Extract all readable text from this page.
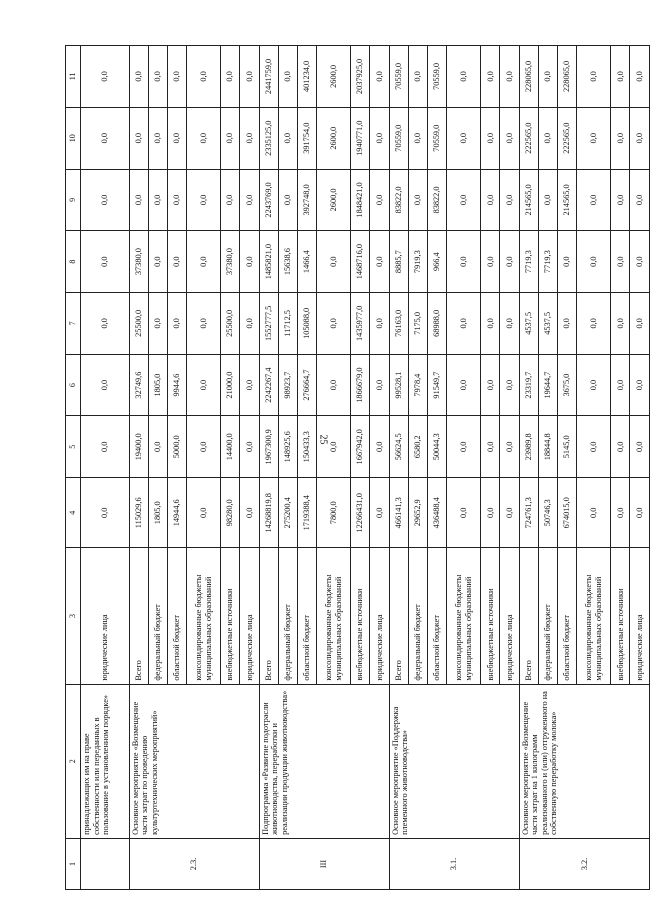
25
1	2	3	4	5	6	7	8	9	10	11
	принадлежащих им на праве собственности или переданных в пользование в установленном порядке»	юридические лица	0,0	0,0	0,0	0,0	0,0	0,0	0,0	0,0
2.3.	Основное мероприятие «Возмещение части затрат по проведению культуртехнических мероприятий»	Всего	115029,6	19400,0	32749,6	25500,0	37380,0	0,0	0,0	0,0
		федеральный бюджет	1805,0	0,0	1805,0	0,0	0,0	0,0	0,0	0,0
		областной бюджет	14944,6	5000,0	9944,6	0,0	0,0	0,0	0,0	0,0
		консолидированные бюджеты муниципальных образований	0,0	0,0	0,0	0,0	0,0	0,0	0,0	0,0
		внебюджетные источники	98280,0	14400,0	21000,0	25500,0	37380,0	0,0	0,0	0,0
		юридические лица	0,0	0,0	0,0	0,0	0,0	0,0	0,0	0,0
III	Подпрограмма «Развитие подотрасли животноводства, переработки и реализации продукции животноводства»	Всего	14268819,8	1967300,9	2242267,4	1552777,5	1485821,0	2243769,0	2335125,0	2441759,0
		федеральный бюджет	275200,4	148925,6	98923,7	11712,5	15638,6	0,0	0,0	0,0
		областной бюджет	1719388,4	150433,3	276664,7	105088,0	1466,4	392748,0	391754,0	401234,0
		консолидированные бюджеты муниципальных образований	7800,0	0,0	0,0	0,0	0,0	2600,0	2600,0	2600,0
		внебюджетные источники	12266431,0	1667942,0	1866679,0	1435977,0	1468716,0	1848421,0	1940771,0	2037925,0
		юридические лица	0,0	0,0	0,0	0,0	0,0	0,0	0,0	0,0
3.1.	Основное мероприятие «Поддержка племенного животноводства»	Всего	466141,3	56624,5	99528,1	76163,0	8885,7	83822,0	70559,0	70559,0
		федеральный бюджет	29652,9	6580,2	7978,4	7175,0	7919,3	0,0	0,0	0,0
		областной бюджет	436488,4	50044,3	91549,7	68988,0	966,4	83822,0	70559,0	70559,0
		консолидированные бюджеты муниципальных образований	0,0	0,0	0,0	0,0	0,0	0,0	0,0	0,0
		внебюджетные источники	0,0	0,0	0,0	0,0	0,0	0,0	0,0	0,0
		юридические лица	0,0	0,0	0,0	0,0	0,0	0,0	0,0	0,0
3.2.	Основное мероприятие «Возмещение части затрат на 1 килограмм реализованного и (или) отгруженного на собственную переработку молока»	Всего	724761,3	23989,8	23319,7	4537,5	7719,3	214565,0	222565,0	228065,0
		федеральный бюджет	50746,3	18844,8	19644,7	4537,5	7719,3	0,0	0,0	0,0
		областной бюджет	674015,0	5145,0	3675,0	0,0	0,0	214565,0	222565,0	228065,0
		консолидированные бюджеты муниципальных образований	0,0	0,0	0,0	0,0	0,0	0,0	0,0	0,0
		внебюджетные источники	0,0	0,0	0,0	0,0	0,0	0,0	0,0	0,0
		юридические лица	0,0	0,0	0,0	0,0	0,0	0,0	0,0	0,0
